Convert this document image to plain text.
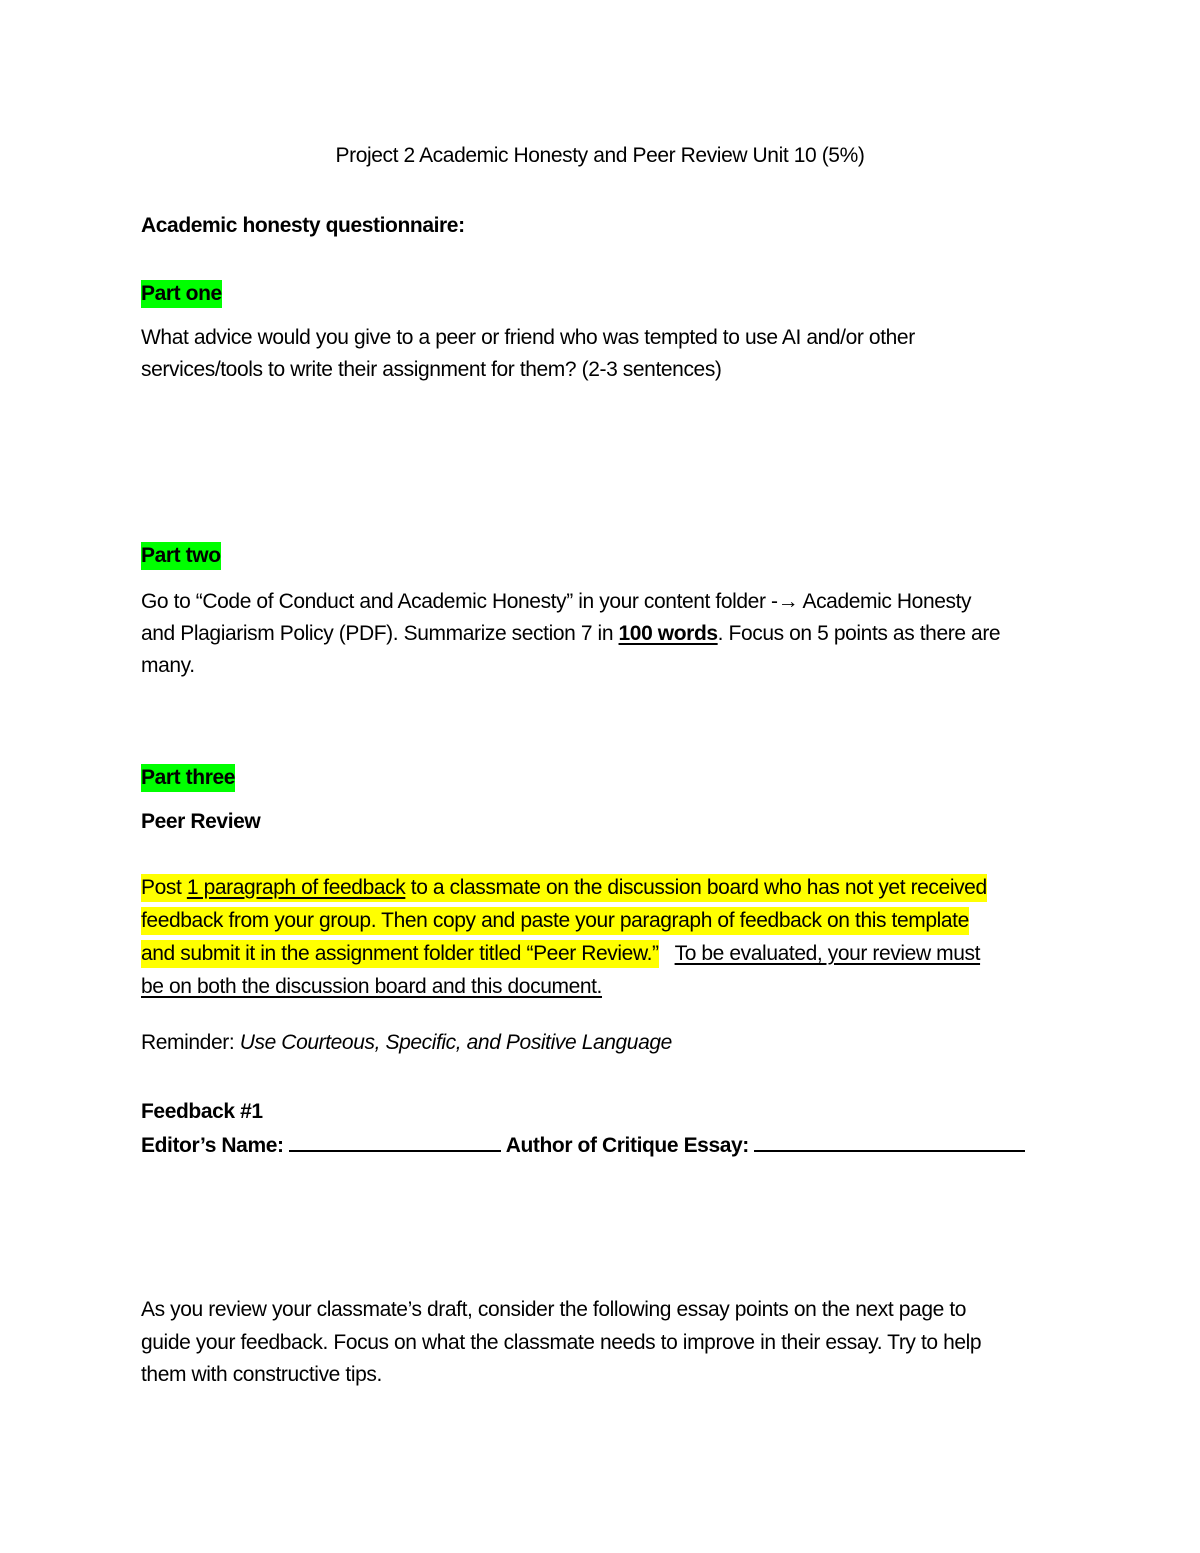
Project 2 Academic Honesty and Peer Review Unit 10 (5%)
Academic honesty questionnaire:
Part one
What advice would you give to a peer or friend who was tempted to use AI and/or other
services/tools to write their assignment for them? (2-3 sentences)
Part two
Go to “Code of Conduct and Academic Honesty” in your content folder -→ Academic Honesty
and Plagiarism Policy (PDF). Summarize section 7 in 100 words. Focus on 5 points as there are
many.
Part three
Peer Review
Post 1 paragraph of feedback to a classmate on the discussion board who has not yet received
feedback from your group. Then copy and paste your paragraph of feedback on this template
and submit it in the assignment folder titled “Peer Review.” To be evaluated, your review must
be on both the discussion board and this document.
Reminder: Use Courteous, Specific, and Positive Language
Feedback #1
Editor’s Name:	Author of Critique Essay:
As you review your classmate’s draft, consider the following essay points on the next page to
guide your feedback. Focus on what the classmate needs to improve in their essay. Try to help
them with constructive tips.
